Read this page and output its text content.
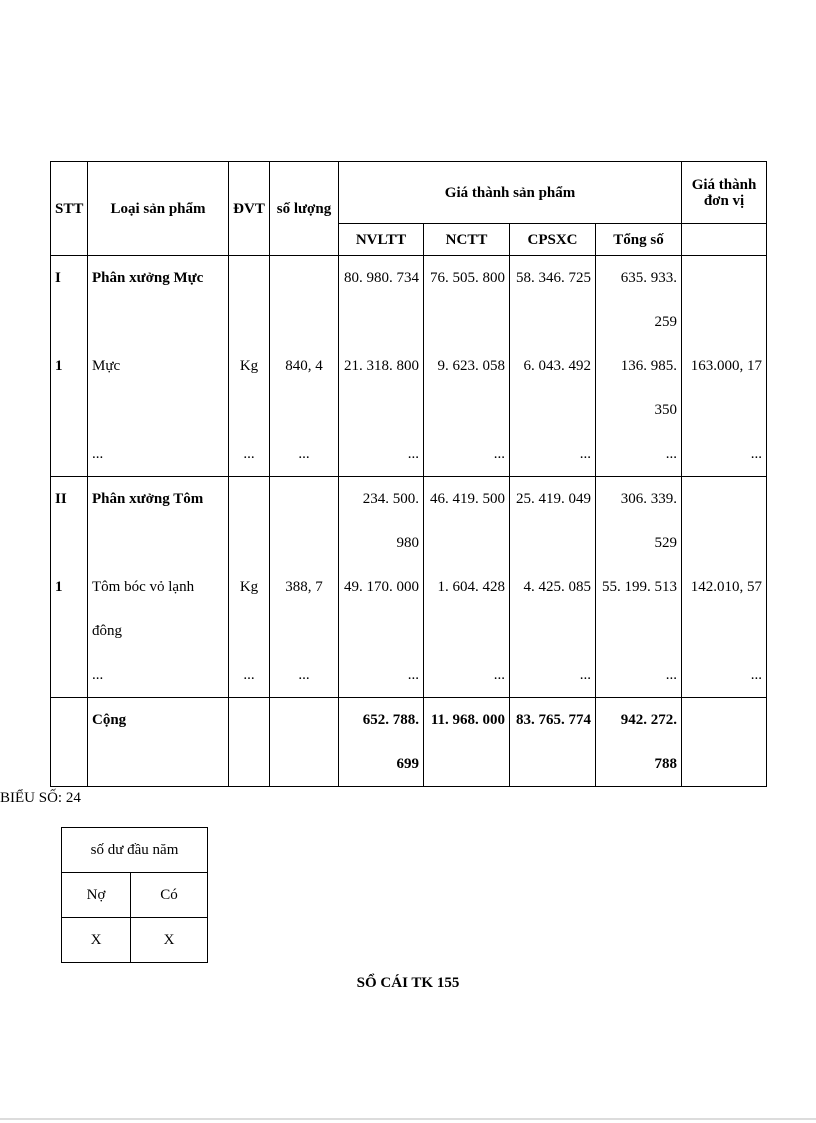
STT	Loại sản phẩm	ĐVT	số lượng	Giá thành sản phẩm				Giá thành
đơn vị

				NVLTT	NCTT	CPSXC	Tổng số	
I	Phân xưởng Mực			80. 980. 734	76. 505. 800	58. 346. 725	635. 933.
259	

1	Mực	Kg	840, 4	21. 318. 800	9. 623. 058	6. 043. 492	136. 985.
350	163.000, 17
	...	...	...	...	...	...	...	...
II	Phân xưởng Tôm			234. 500.
980	46. 419. 500	25. 419. 049	306. 339.
529	

1	Tôm bóc vỏ lạnh đông	Kg	388, 7	49. 170. 000	1. 604. 428	4. 425. 085	55. 199. 513	142.010, 57
	...	...	...	...	...	...	...	...
	Cộng			652. 788.
699	11. 968. 000	83. 765. 774	942. 272.
788	

BIỂU SỐ: 24
số dư đầu năm	
Nợ	Có
X	X
SỔ CÁI TK 155
